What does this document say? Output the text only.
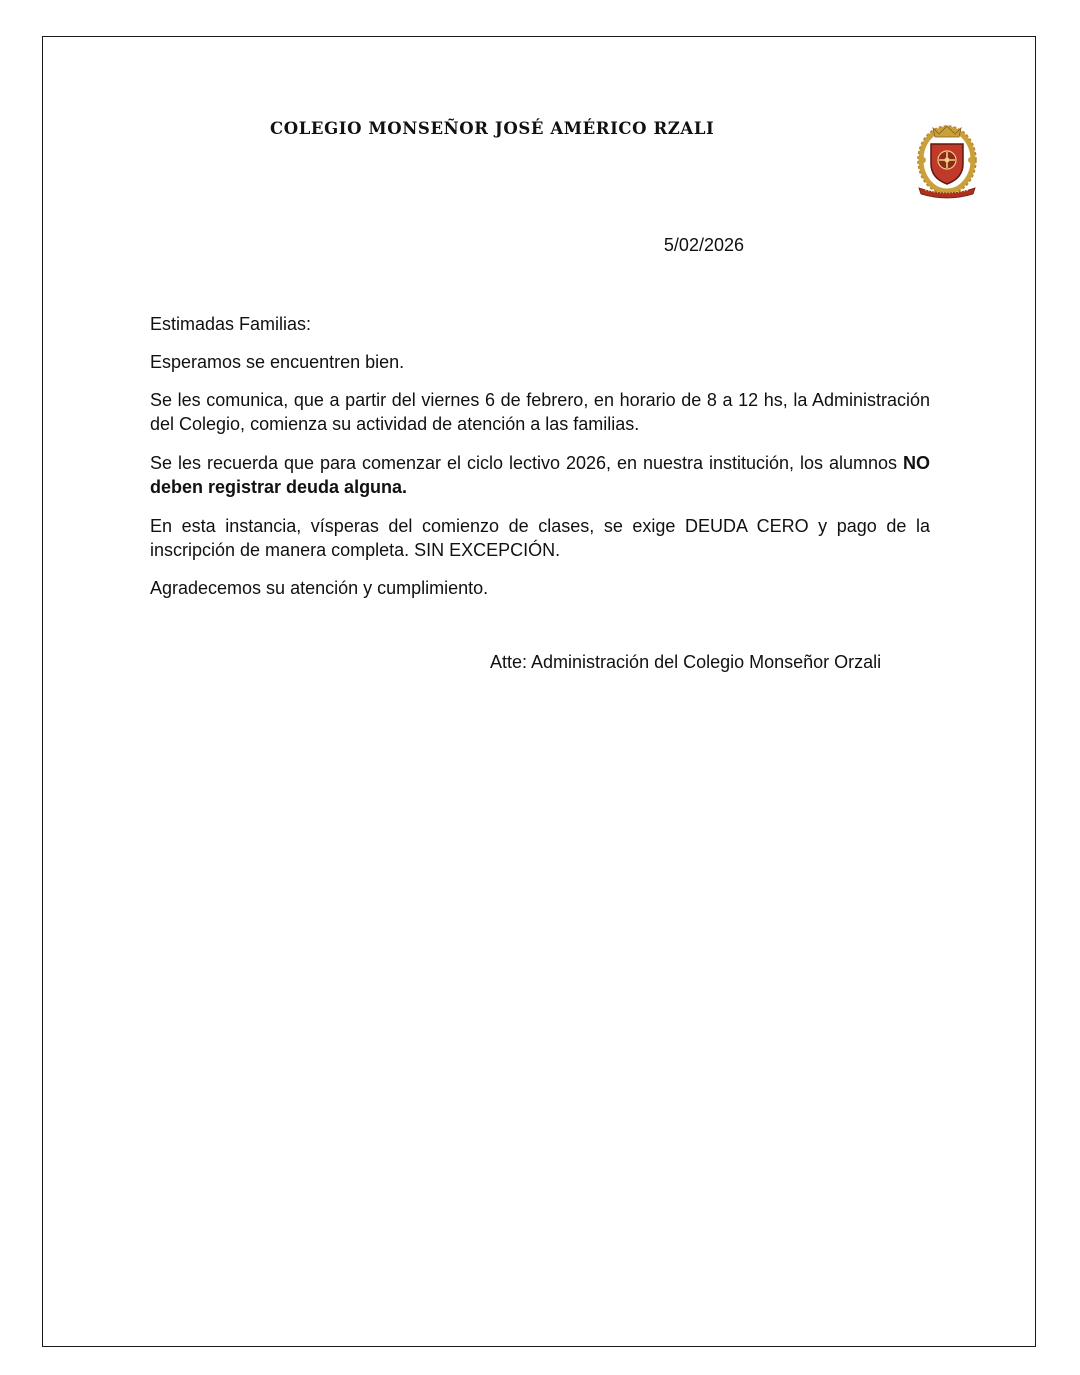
COLEGIO MONSEÑOR JOSÉ AMÉRICO RZALI
5/02/2026
Estimadas Familias:
Esperamos se encuentren bien.
Se les comunica, que a partir del viernes 6 de febrero, en horario de 8 a 12 hs, la Administración del Colegio, comienza su actividad de atención a las familias.
Se les recuerda que para comenzar el ciclo lectivo 2026, en nuestra institución, los alumnos NO deben registrar deuda alguna.
En esta instancia, vísperas del comienzo de clases, se exige DEUDA CERO y pago de la inscripción de manera completa. SIN EXCEPCIÓN.
Agradecemos su atención y cumplimiento.
Atte: Administración del Colegio Monseñor Orzali
